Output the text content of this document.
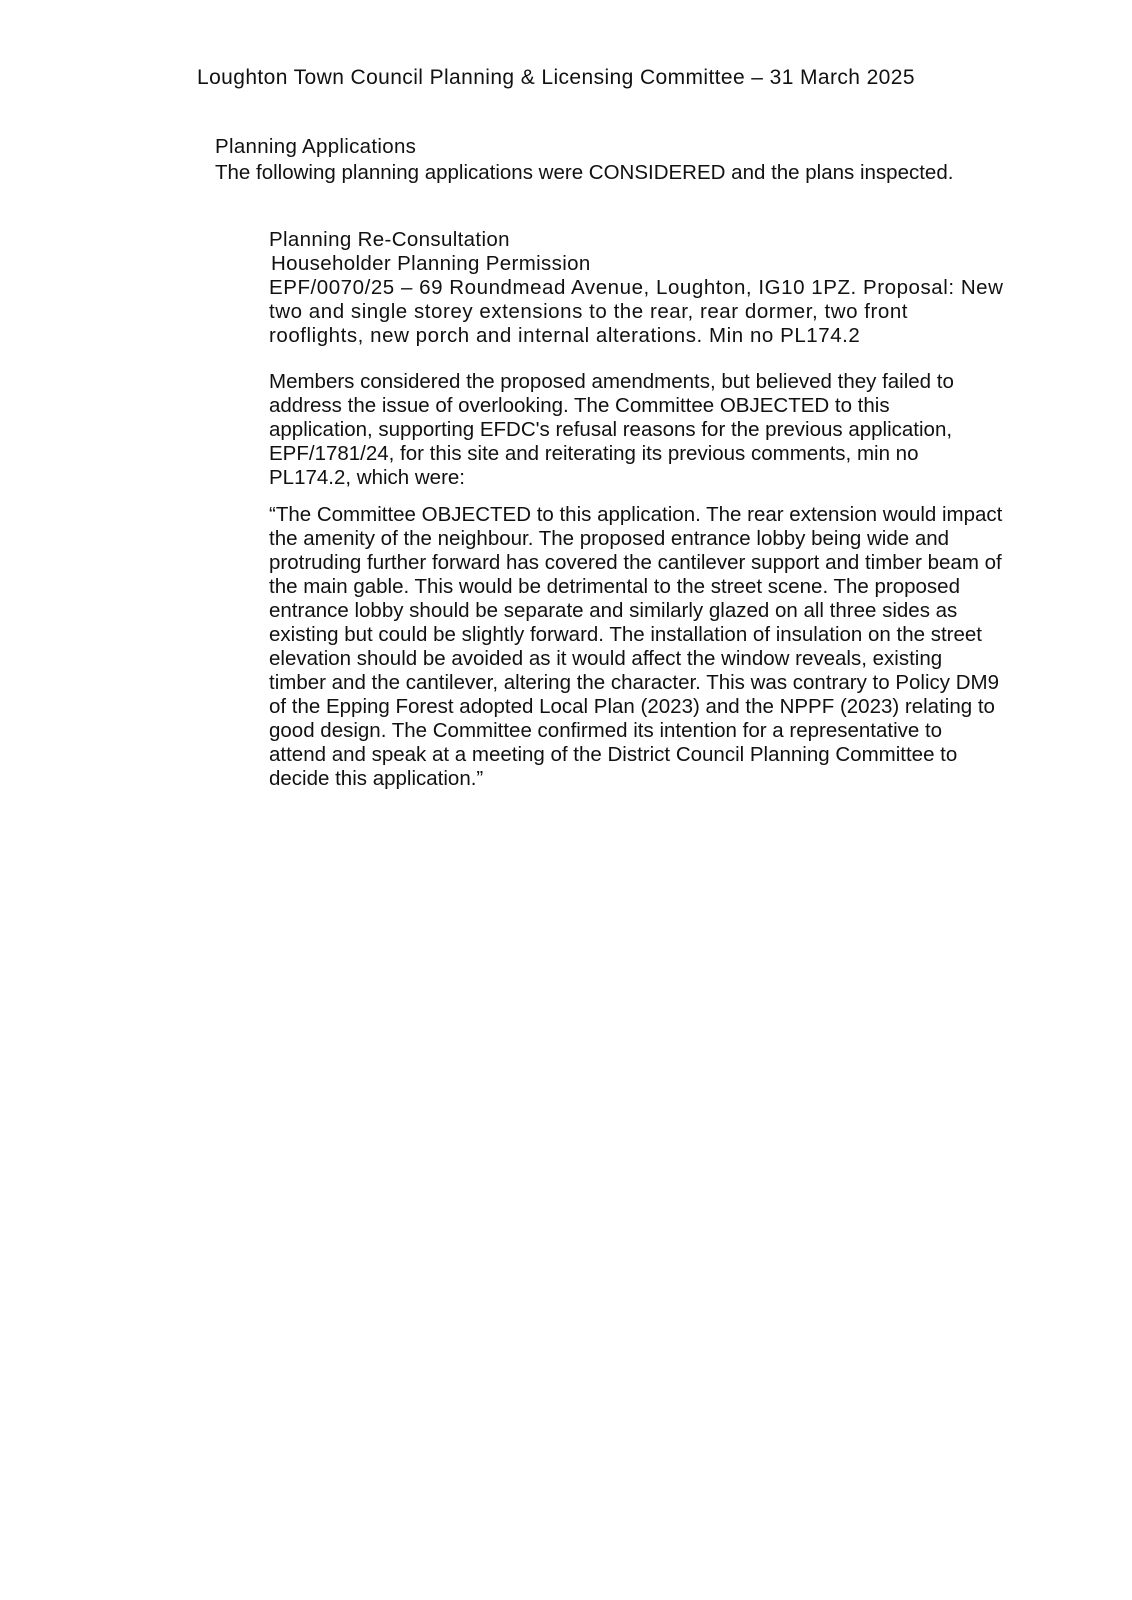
Loughton Town Council Planning & Licensing Committee – 31 March 2025

Planning Applications

The following planning applications were CONSIDERED and the plans inspected.

Planning Re-Consultation

Householder Planning Permission

EPF/0070/25 – 69 Roundmead Avenue, Loughton, IG10 1PZ. Proposal: New two and single storey extensions to the rear, rear dormer, two front rooflights, new porch and internal alterations. Min no PL174.2

Members considered the proposed amendments, but believed they failed to address the issue of overlooking. The Committee OBJECTED to this application, supporting EFDC's refusal reasons for the previous application, EPF/1781/24, for this site and reiterating its previous comments, min no PL174.2, which were:

“The Committee OBJECTED to this application. The rear extension would impact the amenity of the neighbour. The proposed entrance lobby being wide and protruding further forward has covered the cantilever support and timber beam of the main gable. This would be detrimental to the street scene. The proposed entrance lobby should be separate and similarly glazed on all three sides as existing but could be slightly forward. The installation of insulation on the street elevation should be avoided as it would affect the window reveals, existing timber and the cantilever, altering the character. This was contrary to Policy DM9 of the Epping Forest adopted Local Plan (2023) and the NPPF (2023) relating to good design. The Committee confirmed its intention for a representative to attend and speak at a meeting of the District Council Planning Committee to decide this application.”
